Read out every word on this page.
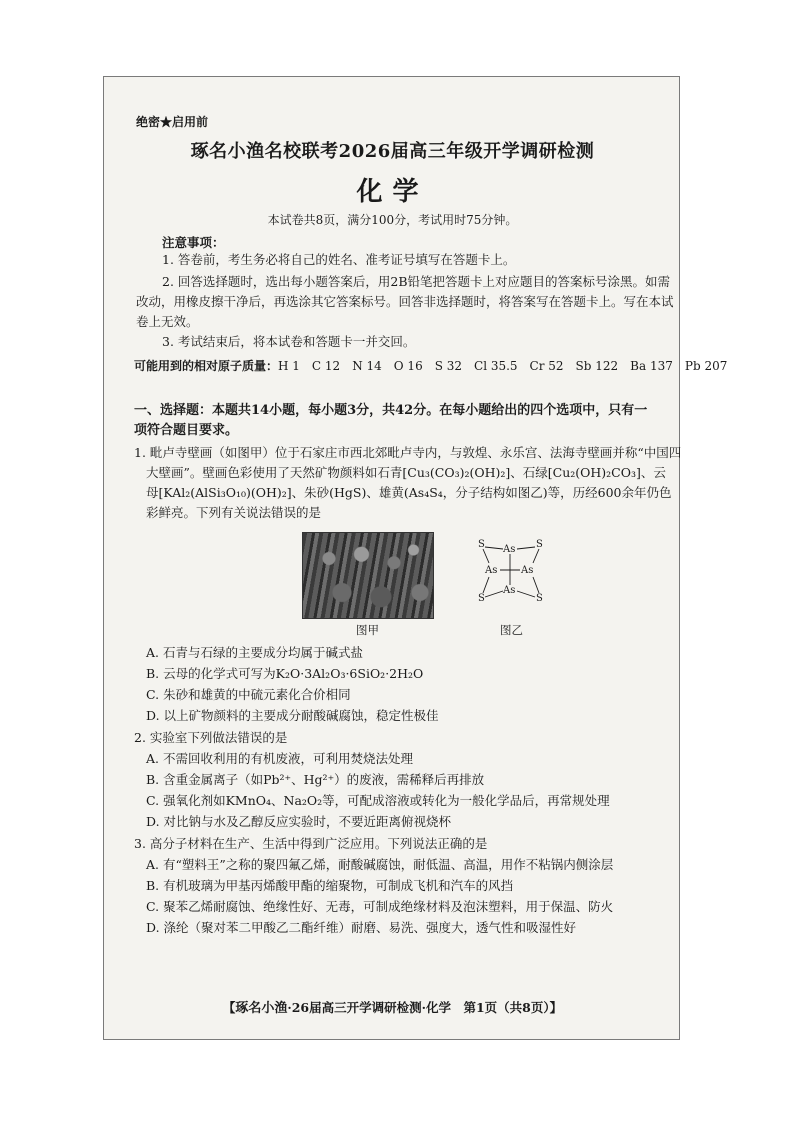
绝密★启用前
琢名小渔名校联考2026届高三年级开学调研检测
化学
本试卷共8页，满分100分，考试用时75分钟。
注意事项：
1. 答卷前，考生务必将自己的姓名、准考证号填写在答题卡上。
2. 回答选择题时，选出每小题答案后，用2B铅笔把答题卡上对应题目的答案标号涂黑。如需
改动，用橡皮擦干净后，再选涂其它答案标号。回答非选择题时，将答案写在答题卡上。写在本试
卷上无效。
3. 考试结束后，将本试卷和答题卡一并交回。
可能用到的相对原子质量：H 1　C 12　N 14　O 16　S 32　Cl 35.5　Cr 52　Sb 122　Ba 137　Pb 207
一、选择题：本题共14小题，每小题3分，共42分。在每小题给出的四个选项中，只有一项符合题目要求。
1. 毗卢寺壁画（如图甲）位于石家庄市西北郊毗卢寺内，与敦煌、永乐宫、法海寺壁画并称“中国四
大壁画”。壁画色彩使用了天然矿物颜料如石青[Cu₃(CO₃)₂(OH)₂]、石绿[Cu₂(OH)₂CO₃]、云
母[KAl₂(AlSi₃O₁₀)(OH)₂]、朱砂(HgS)、雄黄(As₄S₄，分子结构如图乙)等，历经600余年仍色
彩鲜亮。下列有关说法错误的是
图甲
S	S
As
As As
As
S	S
图乙
A. 石青与石绿的主要成分均属于碱式盐
B. 云母的化学式可写为K₂O·3Al₂O₃·6SiO₂·2H₂O
C. 朱砂和雄黄的中硫元素化合价相同
D. 以上矿物颜料的主要成分耐酸碱腐蚀，稳定性极佳
2. 实验室下列做法错误的是
A. 不需回收利用的有机废液，可利用焚烧法处理
B. 含重金属离子（如Pb²⁺、Hg²⁺）的废液，需稀释后再排放
C. 强氧化剂如KMnO₄、Na₂O₂等，可配成溶液或转化为一般化学品后，再常规处理
D. 对比钠与水及乙醇反应实验时，不要近距离俯视烧杯
3. 高分子材料在生产、生活中得到广泛应用。下列说法正确的是
A. 有“塑料王”之称的聚四氟乙烯，耐酸碱腐蚀，耐低温、高温，用作不粘锅内侧涂层
B. 有机玻璃为甲基丙烯酸甲酯的缩聚物，可制成飞机和汽车的风挡
C. 聚苯乙烯耐腐蚀、绝缘性好、无毒，可制成绝缘材料及泡沫塑料，用于保温、防火
D. 涤纶（聚对苯二甲酸乙二酯纤维）耐磨、易洗、强度大，透气性和吸湿性好
【琢名小渔·26届高三开学调研检测·化学　第1页（共8页）】
